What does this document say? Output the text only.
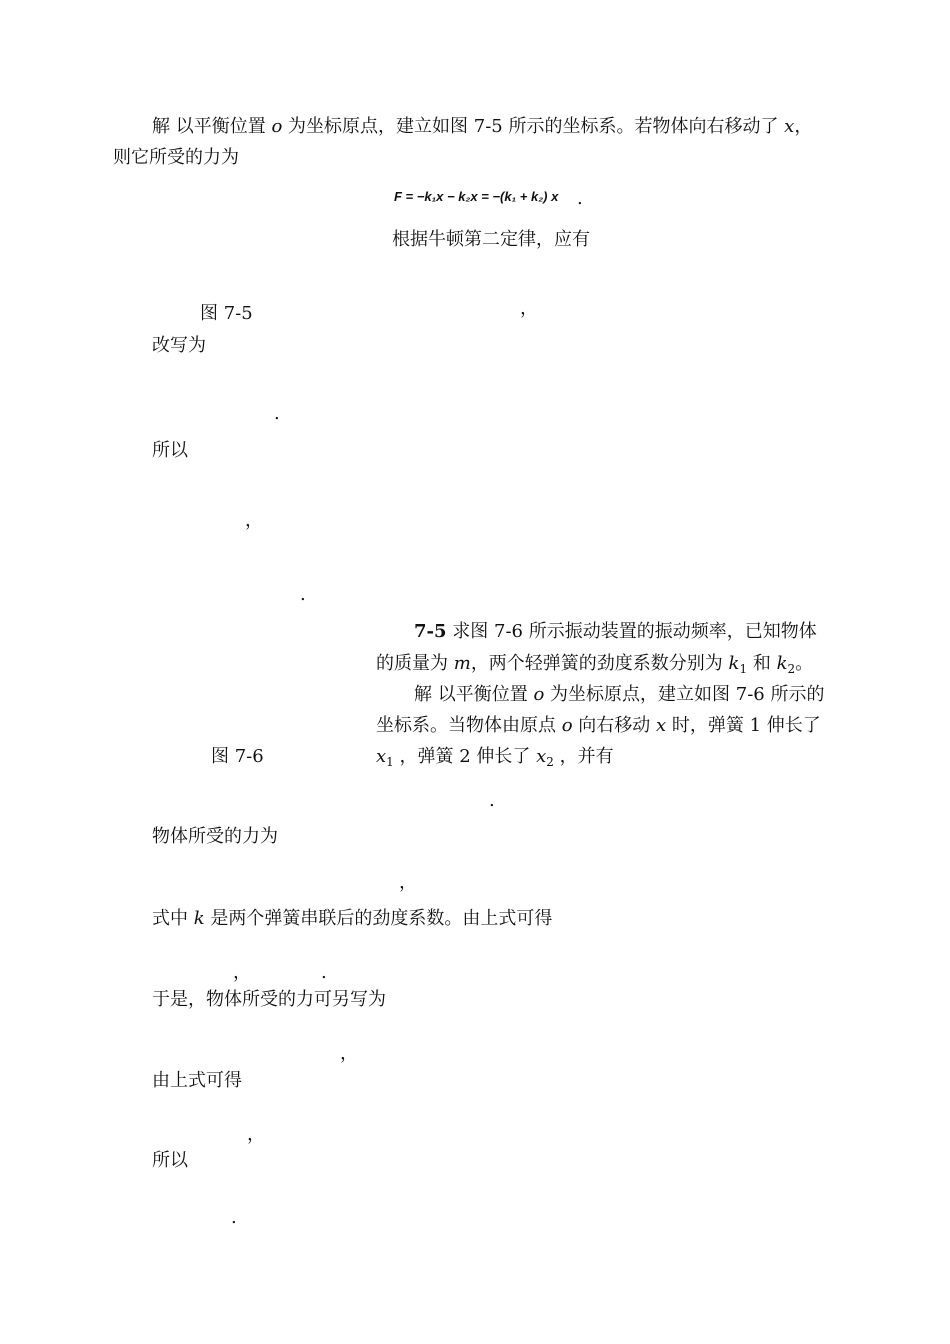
解 以平衡位置 o 为坐标原点，建立如图 7-5 所示的坐标系。若物体向右移动了 x，
则它所受的力为
F = −k₁x − k₂x = −(k₁ + k₂) x .
根据牛顿第二定律，应有
图 7-5	，
改写为
.
所以
，
.
7-5 求图 7-6 所示振动装置的振动频率，已知物体
的质量为 m，两个轻弹簧的劲度系数分别为 $k_1$ 和 $k_2$。
解 以平衡位置 o 为坐标原点，建立如图 7-6 所示的
坐标系。当物体由原点 o 向右移动 x 时，弹簧 1 伸长了
$x_1$ ，弹簧 2 伸长了 $x_2$ ，并有
图 7-6
.
物体所受的力为
，
式中 k 是两个弹簧串联后的劲度系数。由上式可得
，	.
于是，物体所受的力可另写为
，
由上式可得
，
所以
.
